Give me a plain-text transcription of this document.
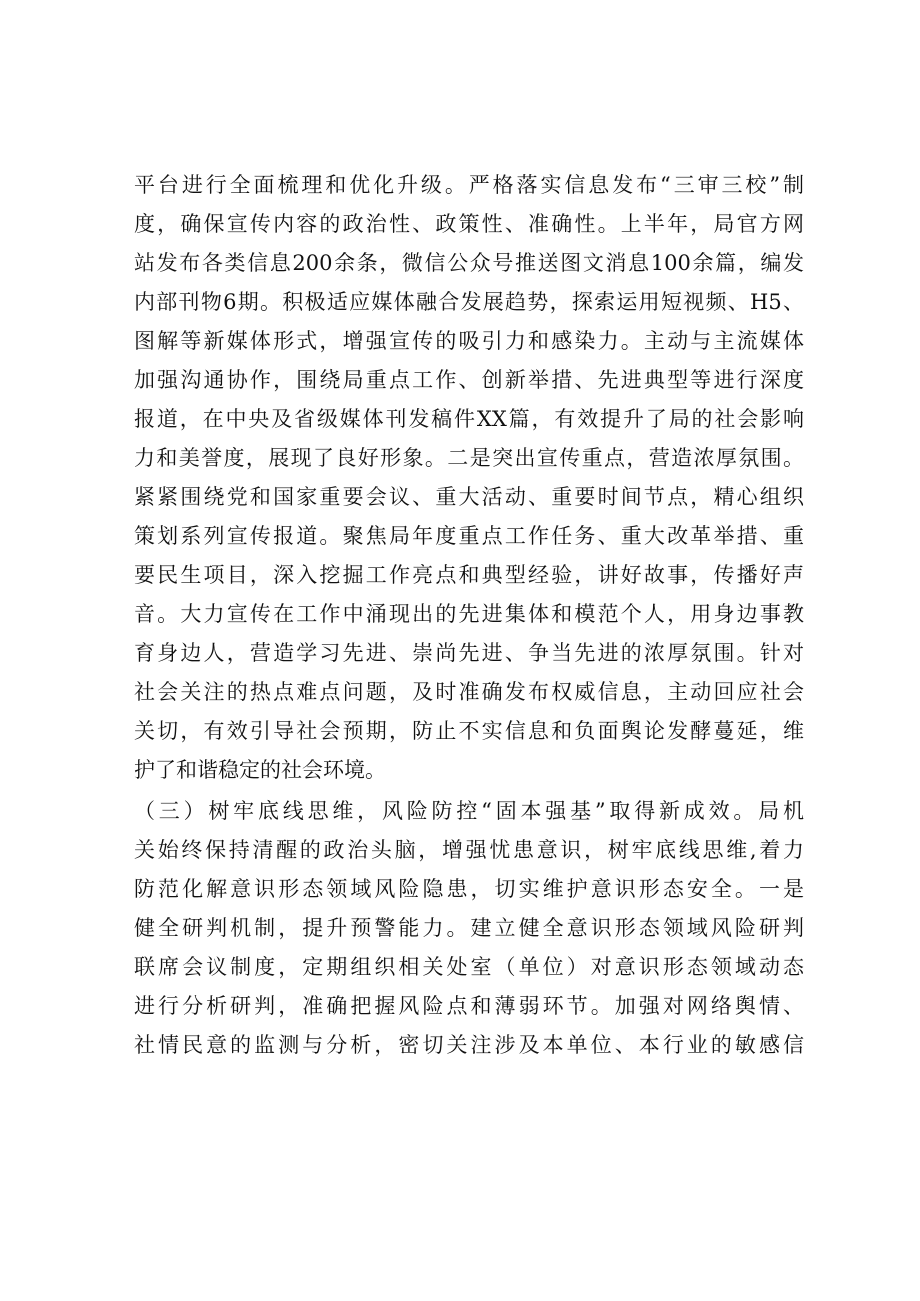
平台进行全面梳理和优化升级。严格落实信息发布“三审三校”制
度，确保宣传内容的政治性、政策性、准确性。上半年，局官方网
站发布各类信息200余条，微信公众号推送图文消息100余篇，编发
内部刊物6期。积极适应媒体融合发展趋势，探索运用短视频、H5、
图解等新媒体形式，增强宣传的吸引力和感染力。主动与主流媒体
加强沟通协作，围绕局重点工作、创新举措、先进典型等进行深度
报道，在中央及省级媒体刊发稿件XX篇，有效提升了局的社会影响
力和美誉度，展现了良好形象。二是突出宣传重点，营造浓厚氛围。
紧紧围绕党和国家重要会议、重大活动、重要时间节点，精心组织
策划系列宣传报道。聚焦局年度重点工作任务、重大改革举措、重
要民生项目，深入挖掘工作亮点和典型经验，讲好故事，传播好声
音。大力宣传在工作中涌现出的先进集体和模范个人，用身边事教
育身边人，营造学习先进、崇尚先进、争当先进的浓厚氛围。针对
社会关注的热点难点问题，及时准确发布权威信息，主动回应社会
关切，有效引导社会预期，防止不实信息和负面舆论发酵蔓延，维
护了和谐稳定的社会环境。
（三）树牢底线思维，风险防控“固本强基”取得新成效。局机
关始终保持清醒的政治头脑，增强忧患意识，树牢底线思维,着力
防范化解意识形态领域风险隐患，切实维护意识形态安全。一是
健全研判机制，提升预警能力。建立健全意识形态领域风险研判
联席会议制度，定期组织相关处室（单位）对意识形态领域动态
进行分析研判，准确把握风险点和薄弱环节。加强对网络舆情、
社情民意的监测与分析，密切关注涉及本单位、本行业的敏感信
